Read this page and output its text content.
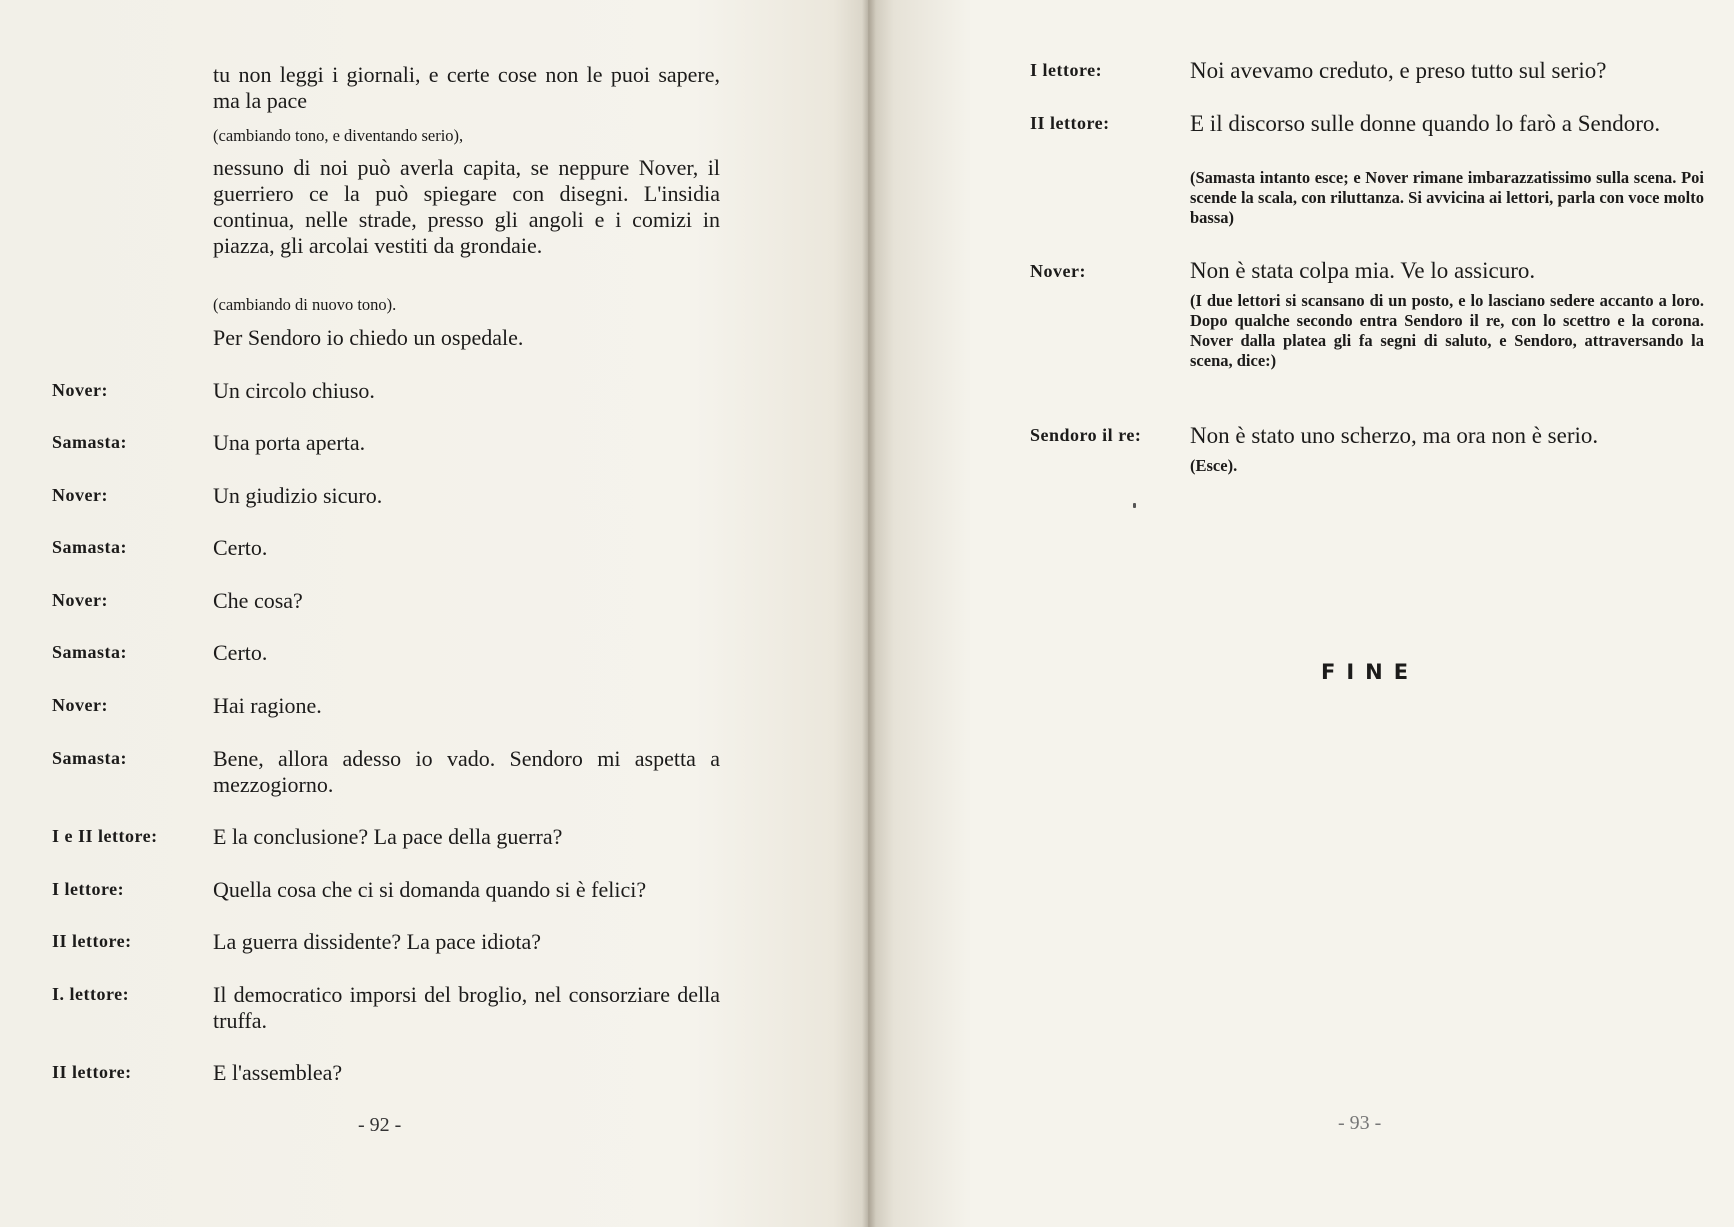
tu non leggi i giornali, e certe cose non le puoi sapere, ma la pace
(cambiando tono, e diventando serio),
nessuno di noi può averla capita, se neppure Nover, il guerriero ce la può spiegare con disegni. L'insidia continua, nelle strade, presso gli angoli e i comizi in piazza, gli arcolai vestiti da grondaie.
(cambiando di nuovo tono).
Per Sendoro io chiedo un ospedale.
Nover:	Un circolo chiuso.
Samasta:	Una porta aperta.
Nover:	Un giudizio sicuro.
Samasta:	Certo.
Nover:	Che cosa?
Samasta:	Certo.
Nover:	Hai ragione.
Samasta:	Bene, allora adesso io vado. Sendoro mi aspetta a mezzogiorno.
I e II lettore:	E la conclusione? La pace della guerra?
I lettore:	Quella cosa che ci si domanda quando si è felici?
II lettore:	La guerra dissidente? La pace idiota?
I. lettore:	Il democratico imporsi del broglio, nel consorziare della truffa.
II lettore:	E l'assemblea?
- 92 -
I lettore:	Noi avevamo creduto, e preso tutto sul serio?
II lettore:	E il discorso sulle donne quando lo farò a Sendoro.
(Samasta intanto esce; e Nover rimane imbarazzatissimo sulla scena. Poi scende la scala, con riluttanza. Si avvicina ai lettori, parla con voce molto bassa)
Nover:	Non è stata colpa mia. Ve lo assicuro.
(I due lettori si scansano di un posto, e lo lasciano sedere accanto a loro. Dopo qualche secondo entra Sendoro il re, con lo scettro e la corona. Nover dalla platea gli fa segni di saluto, e Sendoro, attraversando la scena, dice:)
Sendoro il re: Non è stato uno scherzo, ma ora non è serio.
(Esce).
FINE
- 93 -
